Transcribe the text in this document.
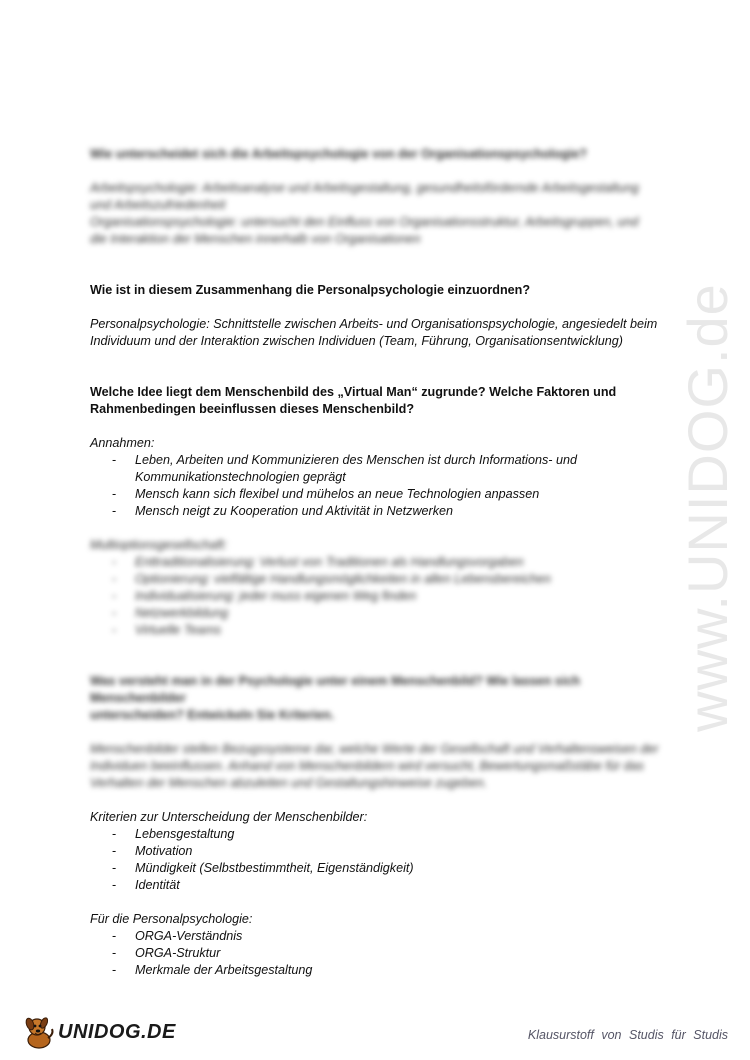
www.UNIDOG.de

Wie unterscheidet sich die Arbeitspsychologie von der Organisationspsychologie?

Arbeitspsychologie: Arbeitsanalyse und Arbeitsgestaltung, gesundheitsfördernde Arbeitsgestaltung

und Arbeitszufriedenheit

Organisationspsychologie: untersucht den Einfluss von Organisationsstruktur, Arbeitsgruppen, und

die Interaktion der Menschen innerhalb von Organisationen

Wie ist in diesem Zusammenhang die Personalpsychologie einzuordnen?

Personalpsychologie: Schnittstelle zwischen Arbeits- und Organisationspsychologie, angesiedelt beim

Individuum und der Interaktion zwischen Individuen (Team, Führung, Organisationsentwicklung)

Welche Idee liegt dem Menschenbild des „Virtual Man“ zugrunde? Welche Faktoren und

Rahmenbedingen beeinflussen dieses Menschenbild?

Annahmen:

- Leben, Arbeiten und Kommunizieren des Menschen ist durch Informations- und Kommunikationstechnologien geprägt
- Mensch kann sich flexibel und mühelos an neue Technologien anpassen
- Mensch neigt zu Kooperation und Aktivität in Netzwerken

Multioptionsgesellschaft:

- Enttraditionalisierung: Verlust von Traditionen als Handlungsvorgaben
- Optionierung: vielfältige Handlungsmöglichkeiten in allen Lebensbereichen
- Individualisierung: jeder muss eigenen Weg finden
- Netzwerkbildung
- Virtuelle Teams

Was versteht man in der Psychologie unter einem Menschenbild? Wie lassen sich Menschenbilder

unterscheiden? Entwickeln Sie Kriterien.

Menschenbilder stellen Bezugssysteme dar, welche Werte der Gesellschaft und Verhaltensweisen der

Individuen beeinflussen. Anhand von Menschenbildern wird versucht, Bewertungsmaßstäbe für das

Verhalten der Menschen abzuleiten und Gestaltungshinweise zugeben.

Kriterien zur Unterscheidung der Menschenbilder:

- Lebensgestaltung
- Motivation
- Mündigkeit (Selbstbestimmtheit, Eigenständigkeit)
- Identität

Für die Personalpsychologie:

- ORGA-Verständnis
- ORGA-Struktur
- Merkmale der Arbeitsgestaltung
UNIDOG.DE	Klausurstoff von Studis für Studis
